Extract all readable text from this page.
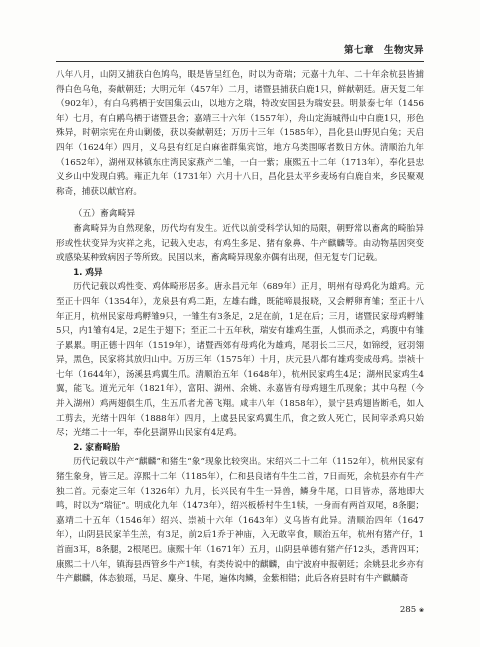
第七章　生物灾异

八年八月，山阴又捕获白色鸠鸟，眼是皆呈红色，时以为奇瑞；元嘉十九年、二十年余杭县皆捕得白色乌龟，奏献朝廷；大明元年（457年）二月，诸暨县捕获白鹿1只，鲜献朝廷。唐天复二年（902年），有白乌鸦栖于安国集云山，以地方之瑞，特改安国县为瑞安县。明景泰七年（1456年）七月，有白鹇鸟栖于诸暨县舍；嘉靖三十六年（1557年），舟山定海城得山中白鹿1只，形色殊异，时朝宗宪在舟山剿倭，获以奏献朝廷；万历十三年（1585年），昌化县山野见白兔；天启四年（1624年）四月，义乌县有红足白麻雀群集宾馆，地方乌类围啄者数日方休。清顺治九年（1652年），湖州双林镇东庄湾民家燕产二雏，一白一紫；康熙五十二年（1713年），奉化县忠义乡山中发现白鸦。雍正九年（1731年）六月十八日，昌化县太平乡麦场有白鹿自来，乡民聚观称奇，捕获以献官府。

（五）畜禽畸异

畜禽畸异为自然现象，历代均有发生。近代以前受科学认知的局限，朝野常以畜禽的畸胎异形或性状变异为灾祥之兆，记载入史志，有鸡生多足、猪有象鼻、牛产麒麟等。由动物基因突变或感染某种致病因子等所致。民国以来，畜禽畸异现象亦偶有出现，但无复专门记载。

1. 鸡异

历代记载以鸡性变、鸡体畸形居多。唐永昌元年（689年）正月，明州有母鸡化为雄鸡。元至正十四年（1354年），龙泉县有鸡二距，左雄右雌，既能啼晨报晓，又会孵卵育雏；至正十八年正月，杭州民家母鸡孵雏9只，一雏生有3条足，2足在前，1足在后；三月，诸暨民家母鸡孵雏5只，内1雏有4足，2足生于翅下；至正二十五年秋，瑞安有雄鸡生蛋，人惧而杀之，鸡腹中有雏子累累。明正德十四年（1519年），诸暨西郊有母鸡化为雄鸡，尾羽长二三尺，如锦绶，冠羽翎异，黑色，民家将其放归山中。万历三年（1575年）十月，庆元县八都有雄鸡变成母鸡。崇祯十七年（1644年），汤溪县鸡翼生爪。清顺治五年（1648年），杭州民家鸡生4足；湖州民家鸡生4翼，能飞。道光元年（1821年），富阳、湖州、余姚、永嘉皆有母鸡翅生爪现象；其中乌程（今并入湖州）鸡两翅俱生爪，生五爪者尤善飞翔。咸丰八年（1858年），景宁县鸡翅皆断毛，如人工剪去，光绪十四年（1888年）四月，上虞县民家鸡翼生爪，食之致人死亡，民间宰杀鸡只始尽；光绪二十一年，奉化县湖界山民家有4足鸡。

2. 家畜畸胎

历代记载以牛产“麒麟”和猪生“象”现象比较突出。宋绍兴二十二年（1152年），杭州民家有猪生象身，皆三足。淳熙十二年（1185年），仁和县良诸有牛生二首，7日而死，余杭县亦有牛产独二首。元泰定三年（1326年）九月，长兴民有牛生一异兽，鳞身牛尾，口目皆赤，落地即大鸣，时以为“瑞征”。明成化九年（1473年），绍兴板桥村牛生1犊，一身而有两首双尾，8条腿；嘉靖二十五年（1546年）绍兴、崇祯十六年（1643年）义乌皆有此异。清顺治四年（1647年），山阴县民家羊生羔，有3足，前2后1乔于神庙，入无敢宰食，顺治五年，杭州有猪产仔，1首面3耳，8条腿，2根尾巴。康熙十年（1671年）五月，山阴县单德有猪产仔12头，悉背四耳；康熙二十八年，镇海县西管乡牛产1犊，有类传说中的麒麟，由宁波府申报朝廷；余姚县北乡亦有牛产麒麟，体态狼瑶，马足、麋身、牛尾，遍体肉鳞，金紫相错；此后各府县时有牛产麒麟奇

285 ❀
